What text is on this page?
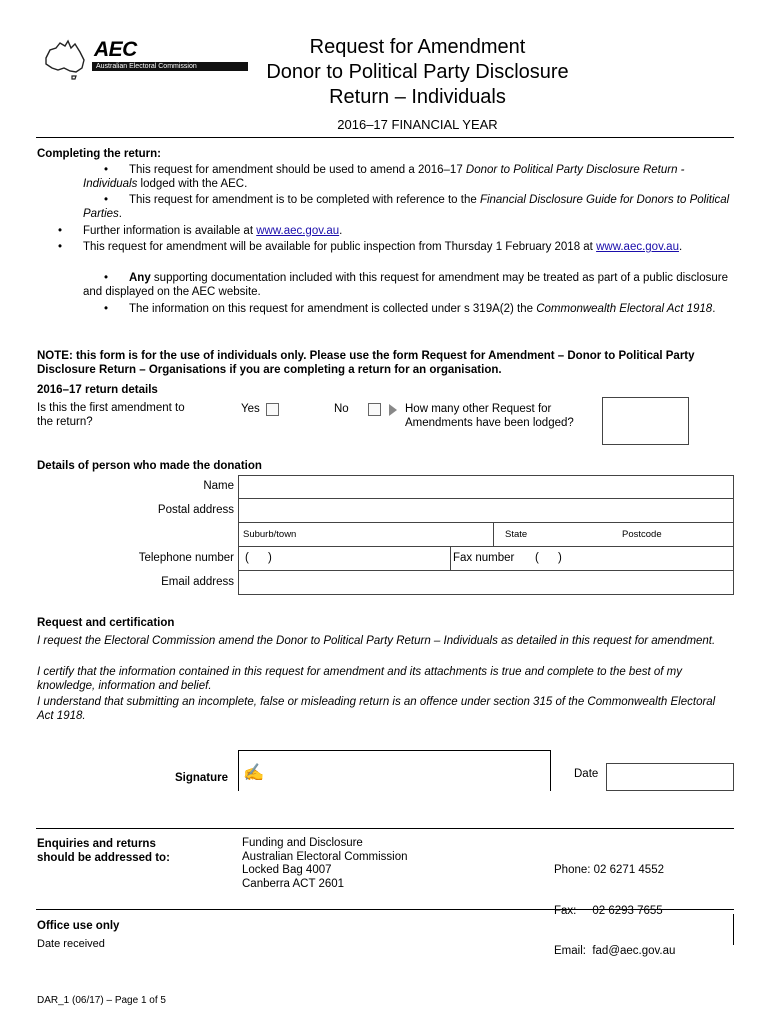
AEC
Australian Electoral Commission
Request for Amendment
Donor to Political Party Disclosure
Return – Individuals
2016–17 FINANCIAL YEAR
Completing the return:
• This request for amendment should be used to amend a 2016–17 Donor to Political Party Disclosure Return - Individuals lodged with the AEC.
• This request for amendment is to be completed with reference to the Financial Disclosure Guide for Donors to Political Parties.
• Further information is available at www.aec.gov.au.
• This request for amendment will be available for public inspection from Thursday 1 February 2018 at www.aec.gov.au.
• Any supporting documentation included with this request for amendment may be treated as part of a public disclosure and displayed on the AEC website.
• The information on this request for amendment is collected under s 319A(2) the Commonwealth Electoral Act 1918.
NOTE: this form is for the use of individuals only. Please use the form Request for Amendment – Donor to Political Party Disclosure Return – Organisations if you are completing a return for an organisation.
2016–17 return details
Is this the first amendment to the return?
Yes	No	How many other Request for Amendments have been lodged?
Details of person who made the donation
Name
Postal address
Suburb/town	State	Postcode
Telephone number (      )	Fax number (      )
Email address
Request and certification
I request the Electoral Commission amend the Donor to Political Party Return – Individuals as detailed in this request for amendment.
I certify that the information contained in this request for amendment and its attachments is true and complete to the best of my knowledge, information and belief.
I understand that submitting an incomplete, false or misleading return is an offence under section 315 of the Commonwealth Electoral Act 1918.
Signature ✍	Date
Enquiries and returns
should be addressed to:
Funding and Disclosure
Australian Electoral Commission
Locked Bag 4007
Canberra ACT 2601

Phone: 02 6271 4552

Fax:     02 6293 7655

Email:  fad@aec.gov.au

Office use only
Date received
DAR_1 (06/17) – Page 1 of 5
